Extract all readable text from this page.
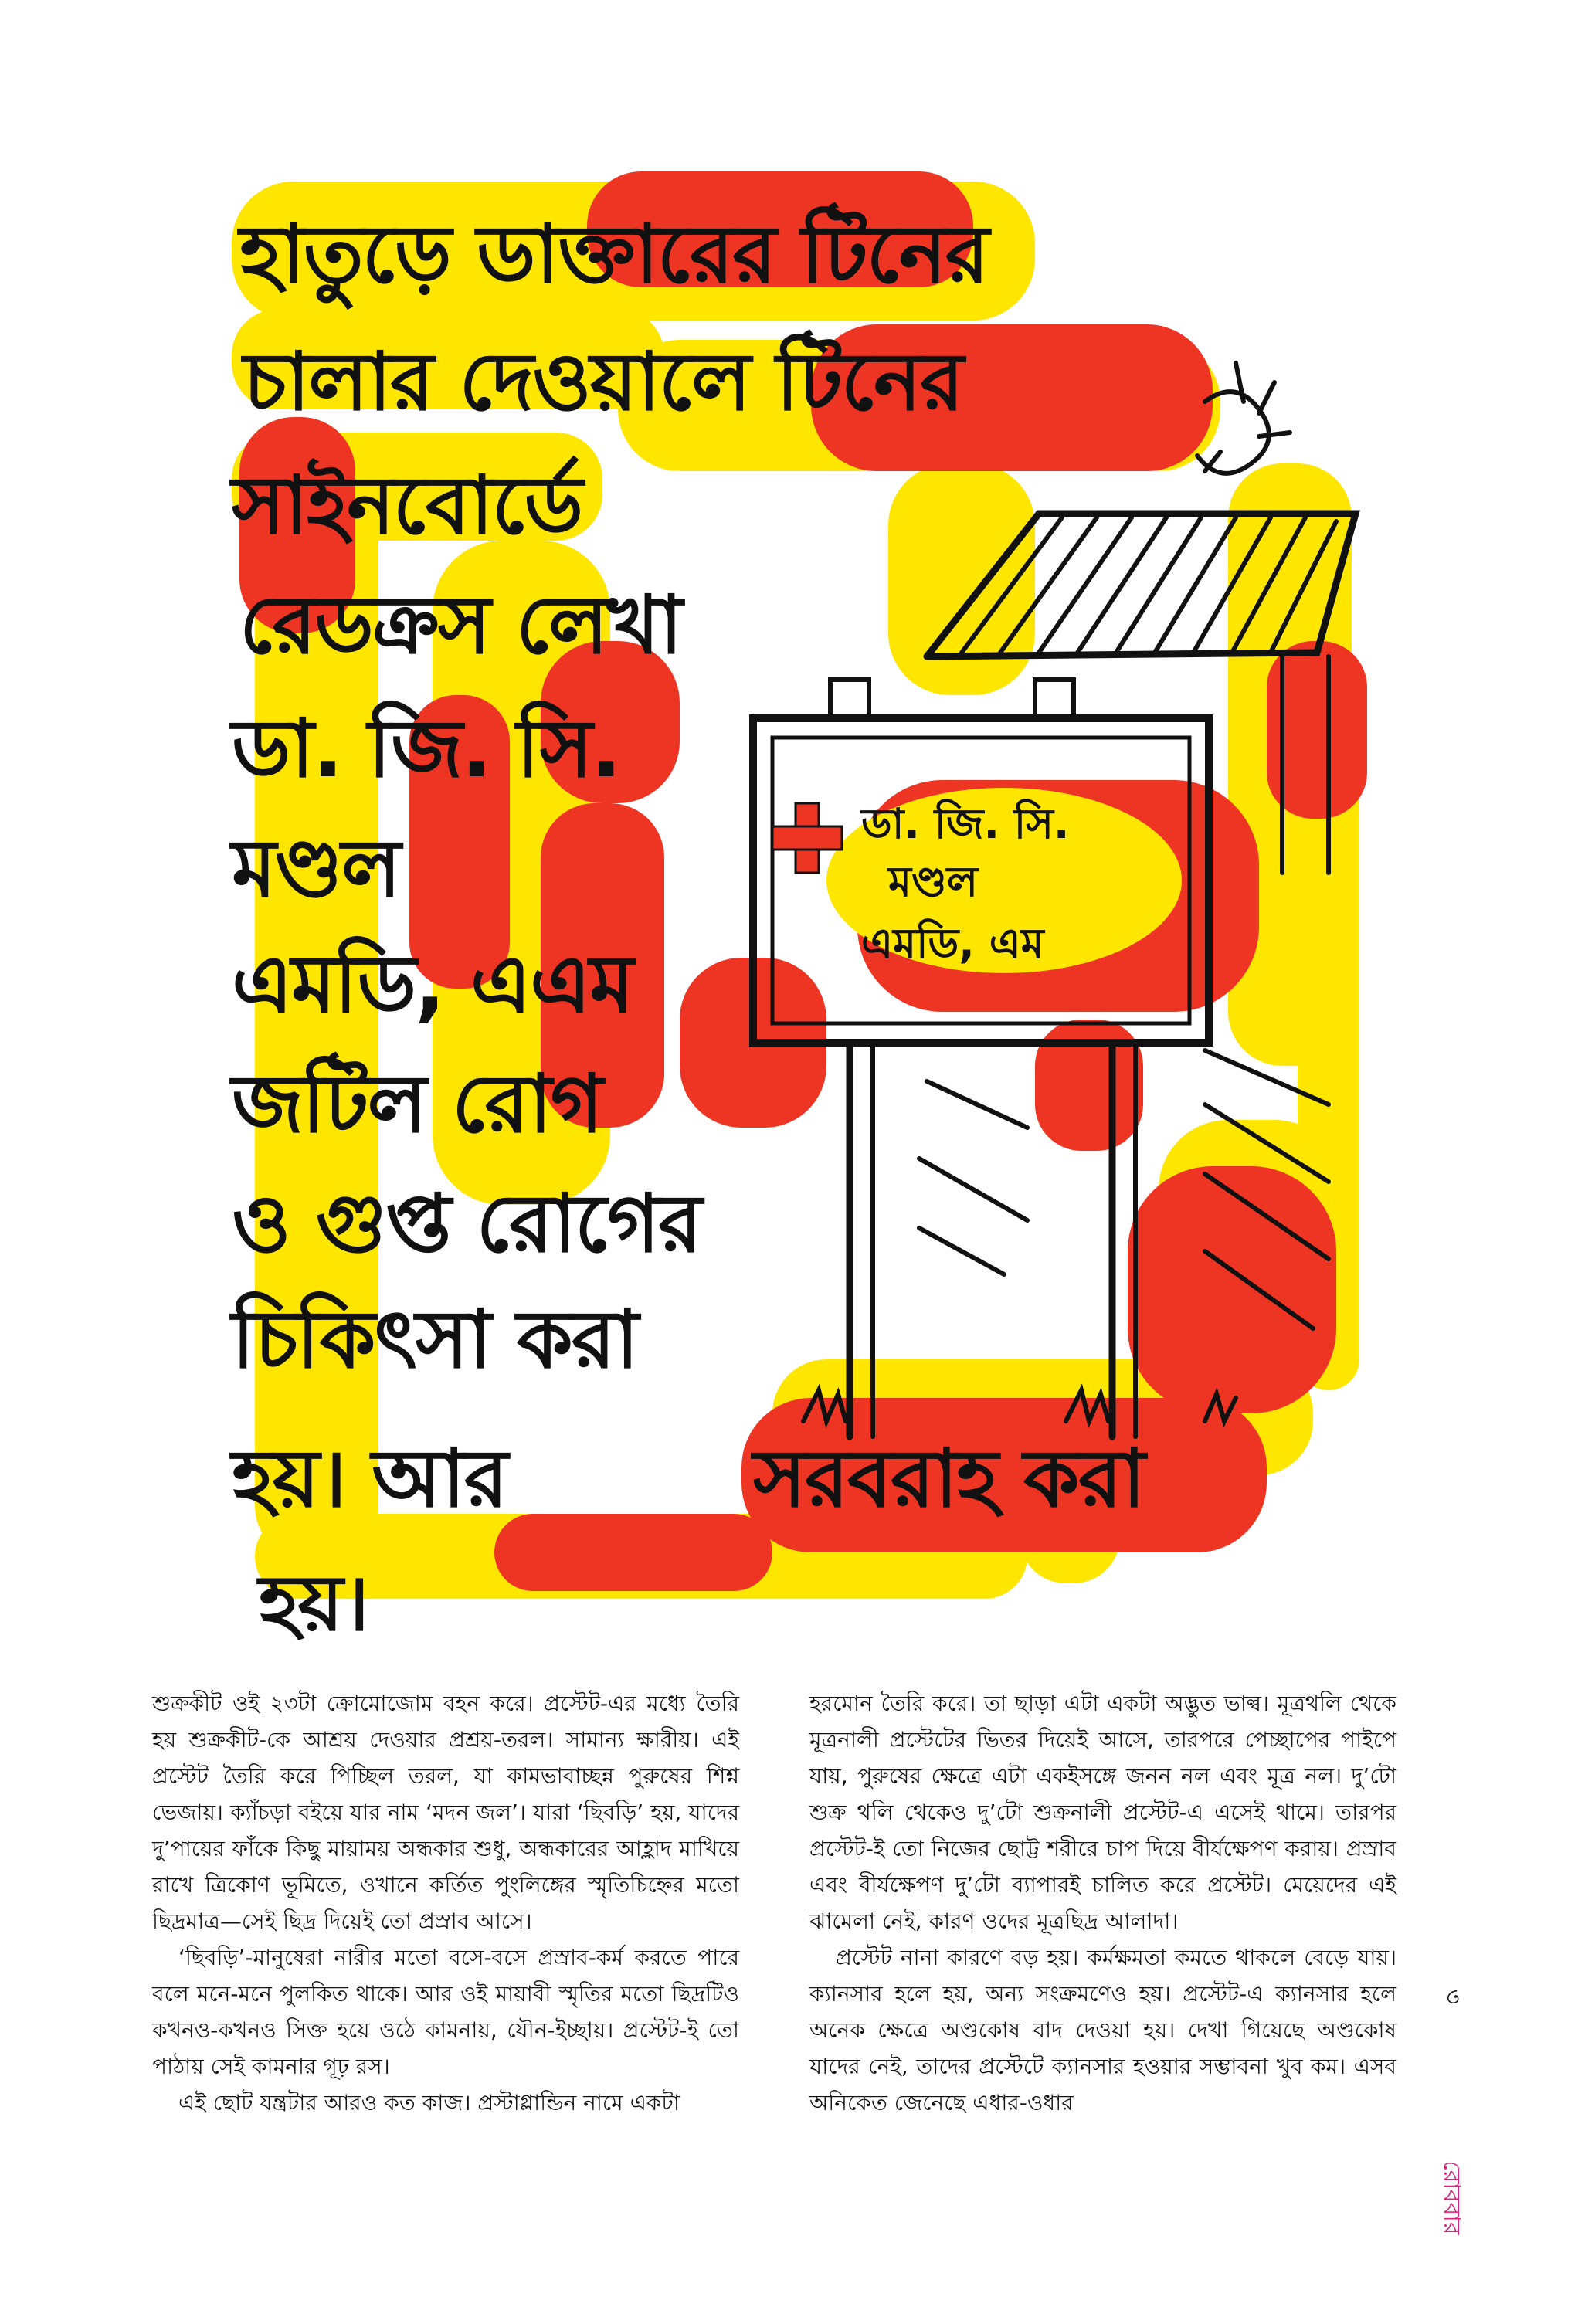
ডা. জি. সি.
মণ্ডল
এমডি, এম
হাতুড়ে ডাক্তারের টিনের
চালার দেওয়ালে টিনের
সাইনবোর্ডে
রেডক্রস লেখা
ডা. জি. সি.
মণ্ডল
এমডি, এএম
জটিল রোগ
ও গুপ্ত রোগের
চিকিৎসা করা
হয়। আর	সরবরাহ করা
হয়।

শুক্রকীট ওই ২৩টা ক্রোমোজোম বহন করে। প্রস্টেট-এর মধ্যে তৈরি হয় শুক্রকীট-কে আশ্রয় দেওয়ার প্রশ্রয়-তরল। সামান্য ক্ষারীয়। এই প্রস্টেট তৈরি করে পিচ্ছিল তরল, যা কামভাবাচ্ছন্ন পুরুষের শিশ্ন ভেজায়। ক্যাঁচড়া বইয়ে যার নাম ‘মদন জল’। যারা ‘ছিবড়ি’ হয়, যাদের দু’পায়ের ফাঁকে কিছু মায়াময় অন্ধকার শুধু, অন্ধকারের আহ্লাদ মাখিয়ে রাখে ত্রিকোণ ভূমিতে, ওখানে কর্তিত পুংলিঙ্গের স্মৃতিচিহ্নের মতো ছিদ্রমাত্র—সেই ছিদ্র দিয়েই তো প্রস্রাব আসে।

‘ছিবড়ি’-মানুষেরা নারীর মতো বসে-বসে প্রস্রাব-কর্ম করতে পারে বলে মনে-মনে পুলকিত থাকে। আর ওই মায়াবী স্মৃতির মতো ছিদ্রটিও কখনও-কখনও সিক্ত হয়ে ওঠে কামনায়, যৌন-ইচ্ছায়। প্রস্টেট-ই তো পাঠায় সেই কামনার গূঢ় রস।

এই ছোট যন্ত্রটার আরও কত কাজ। প্রস্টাগ্লান্ডিন নামে একটা

হরমোন তৈরি করে। তা ছাড়া এটা একটা অদ্ভুত ভাল্ব। মূত্রথলি থেকে মূত্রনালী প্রস্টেটের ভিতর দিয়েই আসে, তারপরে পেচ্ছাপের পাইপে যায়, পুরুষের ক্ষেত্রে এটা একইসঙ্গে জনন নল এবং মূত্র নল। দু’টো শুক্র থলি থেকেও দু’টো শুক্রনালী প্রস্টেট-এ এসেই থামে। তারপর প্রস্টেট-ই তো নিজের ছোট্ট শরীরে চাপ দিয়ে বীর্যক্ষেপণ করায়। প্রস্রাব এবং বীর্যক্ষেপণ দু’টো ব্যাপারই চালিত করে প্রস্টেট। মেয়েদের এই ঝামেলা নেই, কারণ ওদের মূত্রছিদ্র আলাদা।

প্রস্টেট নানা কারণে বড় হয়। কর্মক্ষমতা কমতে থাকলে বেড়ে যায়। ক্যানসার হলে হয়, অন্য সংক্রমণেও হয়। প্রস্টেট-এ ক্যানসার হলে অনেক ক্ষেত্রে অণ্ডকোষ বাদ দেওয়া হয়। দেখা গিয়েছে অণ্ডকোষ যাদের নেই, তাদের প্রস্টেটে ক্যানসার হওয়ার সম্ভাবনা খুব কম। এসব অনিকেত জেনেছে এধার-ওধার

৩
রোববার
